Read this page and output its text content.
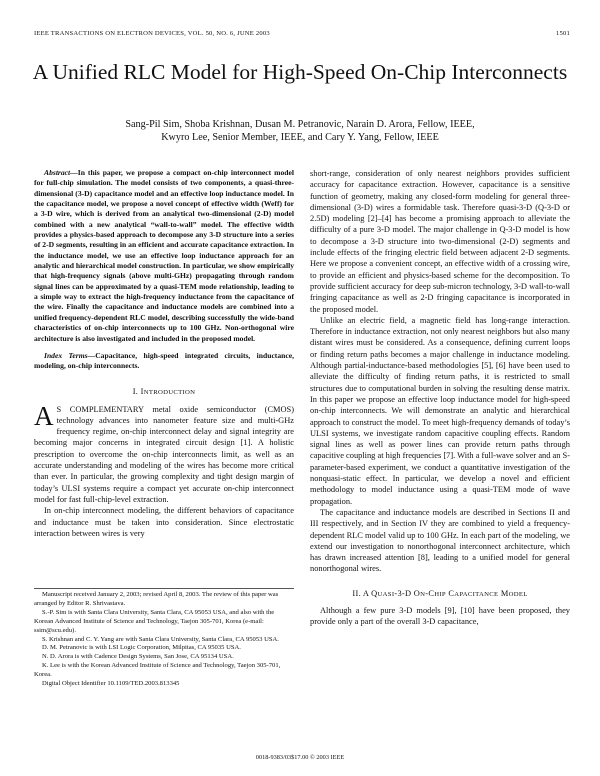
IEEE TRANSACTIONS ON ELECTRON DEVICES, VOL. 50, NO. 6, JUNE 2003	1501
A Unified RLC Model for High-Speed On-Chip Interconnects
Sang-Pil Sim, Shoba Krishnan, Dusan M. Petranovic, Narain D. Arora, Fellow, IEEE,
Kwyro Lee, Senior Member, IEEE, and Cary Y. Yang, Fellow, IEEE

Abstract—In this paper, we propose a compact on-chip interconnect model for full-chip simulation. The model consists of two components, a quasi-three-dimensional (3-D) capacitance model and an effective loop inductance model. In the capacitance model, we propose a novel concept of effective width (Weff) for a 3-D wire, which is derived from an analytical two-dimensional (2-D) model combined with a new analytical “wall-to-wall” model. The effective width provides a physics-based approach to decompose any 3-D structure into a series of 2-D segments, resulting in an efficient and accurate capacitance extraction. In the inductance model, we use an effective loop inductance approach for an analytic and hierarchical model construction. In particular, we show empirically that high-frequency signals (above multi-GHz) propagating through random signal lines can be approximated by a quasi-TEM mode relationship, leading to a simple way to extract the high-frequency inductance from the capacitance of the wire. Finally the capacitance and inductance models are combined into a unified frequency-dependent RLC model, describing successfully the wide-band characteristics of on-chip interconnects up to 100 GHz. Non-orthogonal wire architecture is also investigated and included in the proposed model.

Index Terms—Capacitance, high-speed integrated circuits, inductance, modeling, on-chip interconnects.

I. INTRODUCTION

A S COMPLEMENTARY metal oxide semiconductor (CMOS) technology advances into nanometer feature size and multi-GHz frequency regime, on-chip interconnect delay and signal integrity are becoming major concerns in integrated circuit design [1]. A holistic prescription to overcome the on-chip interconnects limit, as well as an accurate understanding and modeling of the wires has become more critical than ever. In particular, the growing complexity and tight design margin of today’s ULSI systems require a compact yet accurate on-chip interconnect model for fast full-chip-level extraction.

In on-chip interconnect modeling, the different behaviors of capacitance and inductance must be taken into consideration. Since electrostatic interaction between wires is very

Manuscript received January 2, 2003; revised April 8, 2003. The review of this paper was arranged by Editor R. Shrivastava.

S.-P. Sim is with Santa Clara University, Santa Clara, CA 95053 USA, and also with the Korean Advanced Institute of Science and Technology, Taejon 305-701, Korea (e-mail: ssim@scu.edu).

S. Krishnan and C. Y. Yang are with Santa Clara University, Santa Clara, CA 95053 USA.

D. M. Petranovic is with LSI Logic Corporation, Milpitas, CA 95035 USA.

N. D. Arora is with Cadence Design Systems, San Jose, CA 95134 USA.

K. Lee is with the Korean Advanced Institute of Science and Technology, Taejon 305-701, Korea.

Digital Object Identifier 10.1109/TED.2003.813345

short-range, consideration of only nearest neighbors provides sufficient accuracy for capacitance extraction. However, capacitance is a sensitive function of geometry, making any closed-form modeling for general three-dimensional (3-D) wires a formidable task. Therefore quasi-3-D (Q-3-D or 2.5D) modeling [2]–[4] has become a promising approach to alleviate the difficulty of a pure 3-D model. The major challenge in Q-3-D model is how to decompose a 3-D structure into two-dimensional (2-D) segments and include effects of the fringing electric field between adjacent 2-D segments. Here we propose a convenient concept, an effective width of a crossing wire, to provide an efficient and physics-based scheme for the decomposition. To provide sufficient accuracy for deep sub-micron technology, 3-D wall-to-wall fringing capacitance as well as 2-D fringing capacitance is incorporated in the proposed model.

Unlike an electric field, a magnetic field has long-range interaction. Therefore in inductance extraction, not only nearest neighbors but also many distant wires must be considered. As a consequence, defining current loops or finding return paths becomes a major challenge in inductance modeling. Although partial-inductance-based methodologies [5], [6] have been used to alleviate the difficulty of finding return paths, it is restricted to small structures due to computational burden in solving the resulting dense matrix. In this paper we propose an effective loop inductance model for high-speed on-chip interconnects. We will demonstrate an analytic and hierarchical approach to construct the model. To meet high-frequency demands of today’s ULSI systems, we investigate random capacitive coupling effects. Random signal lines as well as power lines can provide return paths through capacitive coupling at high frequencies [7]. With a full-wave solver and an S-parameter-based experiment, we conduct a quantitative investigation of the nonquasi-static effect. In particular, we develop a novel and efficient methodology to model inductance using a quasi-TEM mode of wave propagation.

The capacitance and inductance models are described in Sections II and III respectively, and in Section IV they are combined to yield a frequency-dependent RLC model valid up to 100 GHz. In each part of the modeling, we extend our investigation to nonorthogonal interconnect architecture, which has drawn increased attention [8], leading to a unified model for general nonorthogonal wires.

II. A QUASI-3-D ON-CHIP CAPACITANCE MODEL

Although a few pure 3-D models [9], [10] have been proposed, they provide only a part of the overall 3-D capacitance,

0018-9383/03$17.00 © 2003 IEEE
